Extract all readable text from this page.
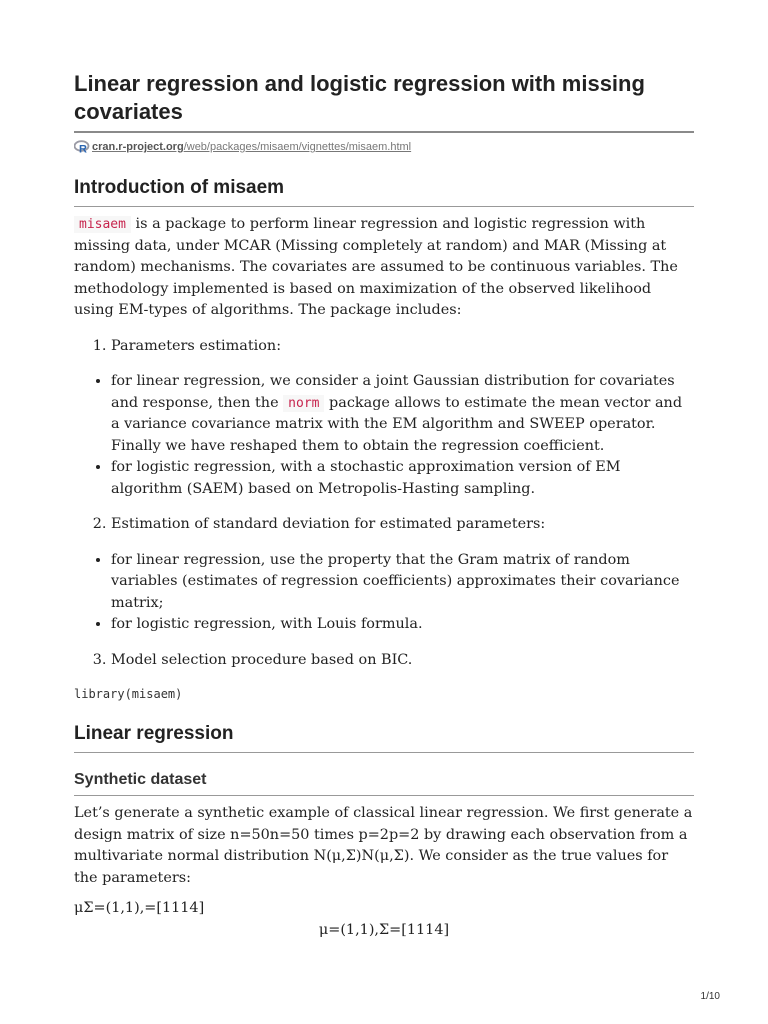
Linear regression and logistic regression with missing covariates
R cran.r-project.org/web/packages/misaem/vignettes/misaem.html
Introduction of misaem

misaem is a package to perform linear regression and logistic regression with missing data, under MCAR (Missing completely at random) and MAR (Missing at random) mechanisms. The covariates are assumed to be continuous variables. The methodology implemented is based on maximization of the observed likelihood using EM-types of algorithms. The package includes:

1. Parameters estimation:
• for linear regression, we consider a joint Gaussian distribution for covariates and response, then the norm package allows to estimate the mean vector and a variance covariance matrix with the EM algorithm and SWEEP operator. Finally we have reshaped them to obtain the regression coefficient.
• for logistic regression, with a stochastic approximation version of EM algorithm (SAEM) based on Metropolis-Hasting sampling.
2. Estimation of standard deviation for estimated parameters:
• for linear regression, use the property that the Gram matrix of random variables (estimates of regression coefficients) approximates their covariance matrix;
• for logistic regression, with Louis formula.
3. Model selection procedure based on BIC.
library(misaem)
Linear regression
Synthetic dataset

Let’s generate a synthetic example of classical linear regression. We first generate a design matrix of size n=50n=50 times p=2p=2 by drawing each observation from a multivariate normal distribution N(μ,Σ)N(μ,Σ). We consider as the true values for the parameters:

μΣ=(1,1),=[1114]

μ=(1,1),Σ=[1114]

1/10
